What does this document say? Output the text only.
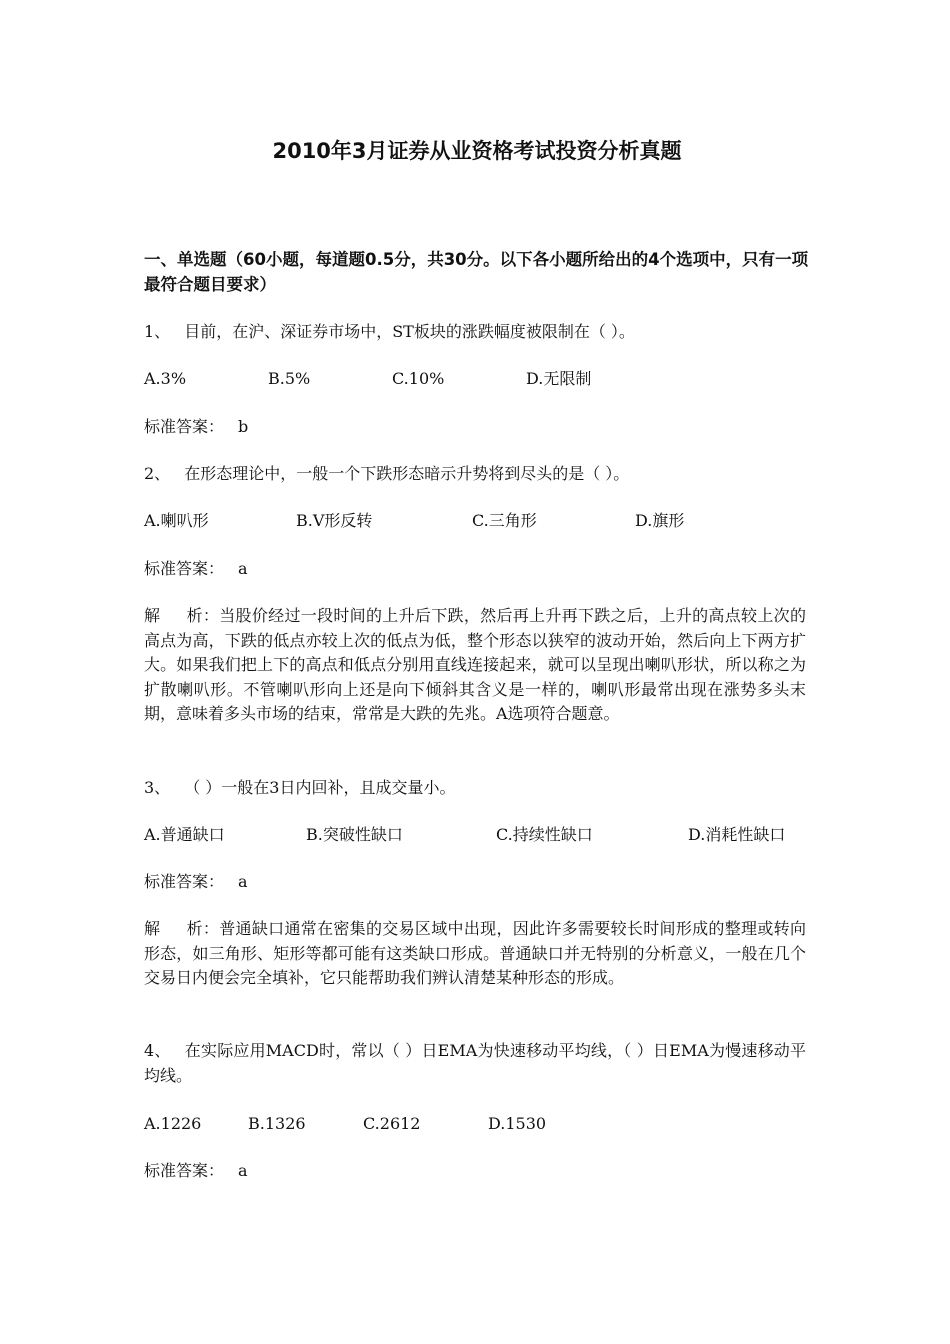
2010年3月证券从业资格考试投资分析真题
一、单选题（60小题，每道题0.5分，共30分。以下各小题所给出的4个选项中，只有一项最符合题目要求）
1、 目前，在沪、深证券市场中，ST板块的涨跌幅度被限制在（ ）。
A.3%	B.5%	C.10%	D.无限制
标准答案： b
2、 在形态理论中，一般一个下跌形态暗示升势将到尽头的是（ ）。
A.喇叭形	B.V形反转	C.三角形	D.旗形
标准答案： a
解 析：当股价经过一段时间的上升后下跌，然后再上升再下跌之后，上升的高点较上次的高点为高，下跌的低点亦较上次的低点为低，整个形态以狭窄的波动开始，然后向上下两方扩大。如果我们把上下的高点和低点分别用直线连接起来，就可以呈现出喇叭形状，所以称之为扩散喇叭形。不管喇叭形向上还是向下倾斜其含义是一样的，喇叭形最常出现在涨势多头末期，意味着多头市场的结束，常常是大跌的先兆。A选项符合题意。
3、 （ ）一般在3日内回补，且成交量小。
A.普通缺口	B.突破性缺口	C.持续性缺口	D.消耗性缺口
标准答案： a
解 析：普通缺口通常在密集的交易区域中出现，因此许多需要较长时间形成的整理或转向形态，如三角形、矩形等都可能有这类缺口形成。普通缺口并无特别的分析意义，一般在几个交易日内便会完全填补，它只能帮助我们辨认清楚某种形态的形成。
4、 在实际应用MACD时，常以（ ）日EMA为快速移动平均线，（ ）日EMA为慢速移动平均线。
A.1226	B.1326	C.2612	D.1530
标准答案： a
